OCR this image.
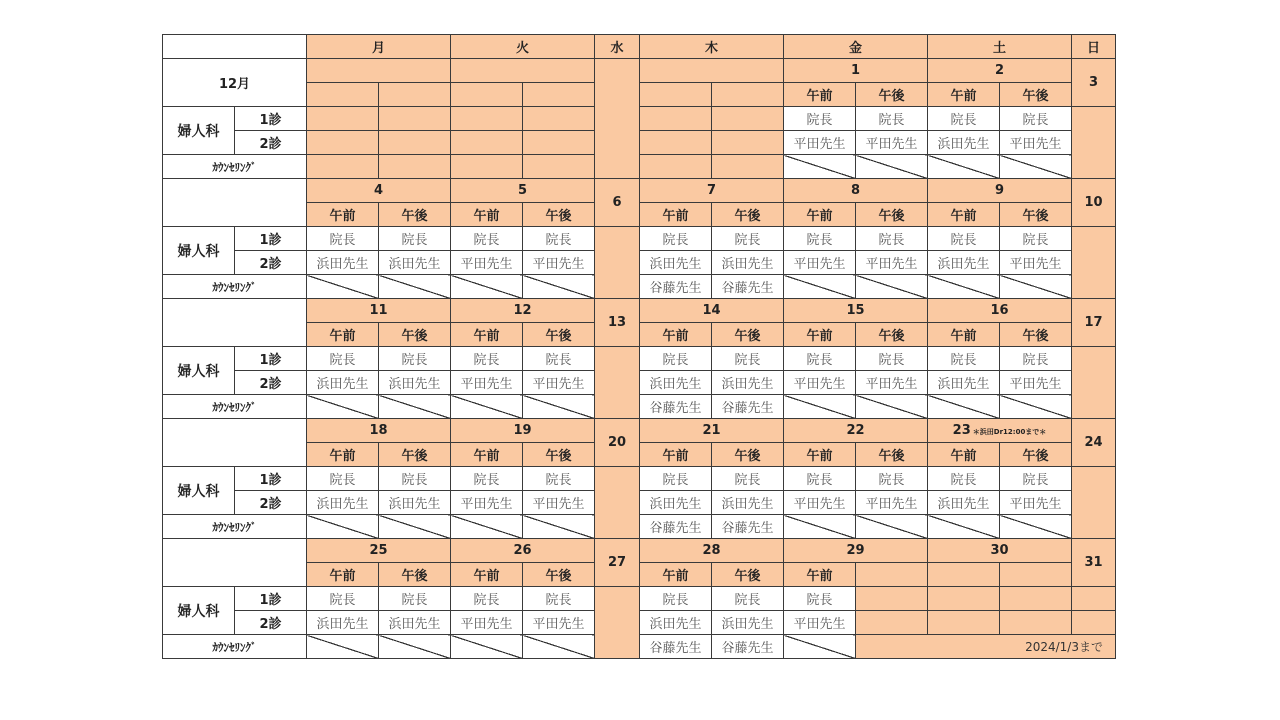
		月		火		水	木		金		土		日
12月									1		2		3
									午前	午後	午前	午後	
婦人科	1診								院長	院長	院長	院長	
	2診								平田先生	平田先生	浜田先生	平田先生	
ｶｳﾝｾﾘﾝｸﾞ													
		4		5		6	7		8		9		10
		午前	午後	午前	午後		午前	午後	午前	午後	午前	午後	
婦人科	1診	院長	院長	院長	院長		院長	院長	院長	院長	院長	院長	
	2診	浜田先生	浜田先生	平田先生	平田先生		浜田先生	浜田先生	平田先生	平田先生	浜田先生	平田先生	
ｶｳﾝｾﾘﾝｸﾞ							谷藤先生	谷藤先生					
		11		12		13	14		15		16		17
		午前	午後	午前	午後		午前	午後	午前	午後	午前	午後	
婦人科	1診	院長	院長	院長	院長		院長	院長	院長	院長	院長	院長	
	2診	浜田先生	浜田先生	平田先生	平田先生		浜田先生	浜田先生	平田先生	平田先生	浜田先生	平田先生	
ｶｳﾝｾﾘﾝｸﾞ							谷藤先生	谷藤先生					
		18		19		20	21		22		23 ＊浜田Dr12:00まで＊		24
		午前	午後	午前	午後		午前	午後	午前	午後	午前	午後	
婦人科	1診	院長	院長	院長	院長		院長	院長	院長	院長	院長	院長	
	2診	浜田先生	浜田先生	平田先生	平田先生		浜田先生	浜田先生	平田先生	平田先生	浜田先生	平田先生	
ｶｳﾝｾﾘﾝｸﾞ							谷藤先生	谷藤先生					
		25		26		27	28		29		30		31
		午前	午後	午前	午後		午前	午後	午前				
婦人科	1診	院長	院長	院長	院長		院長	院長	院長				
	2診	浜田先生	浜田先生	平田先生	平田先生		浜田先生	浜田先生	平田先生				
ｶｳﾝｾﾘﾝｸﾞ							谷藤先生	谷藤先生		2024/1/3まで			
